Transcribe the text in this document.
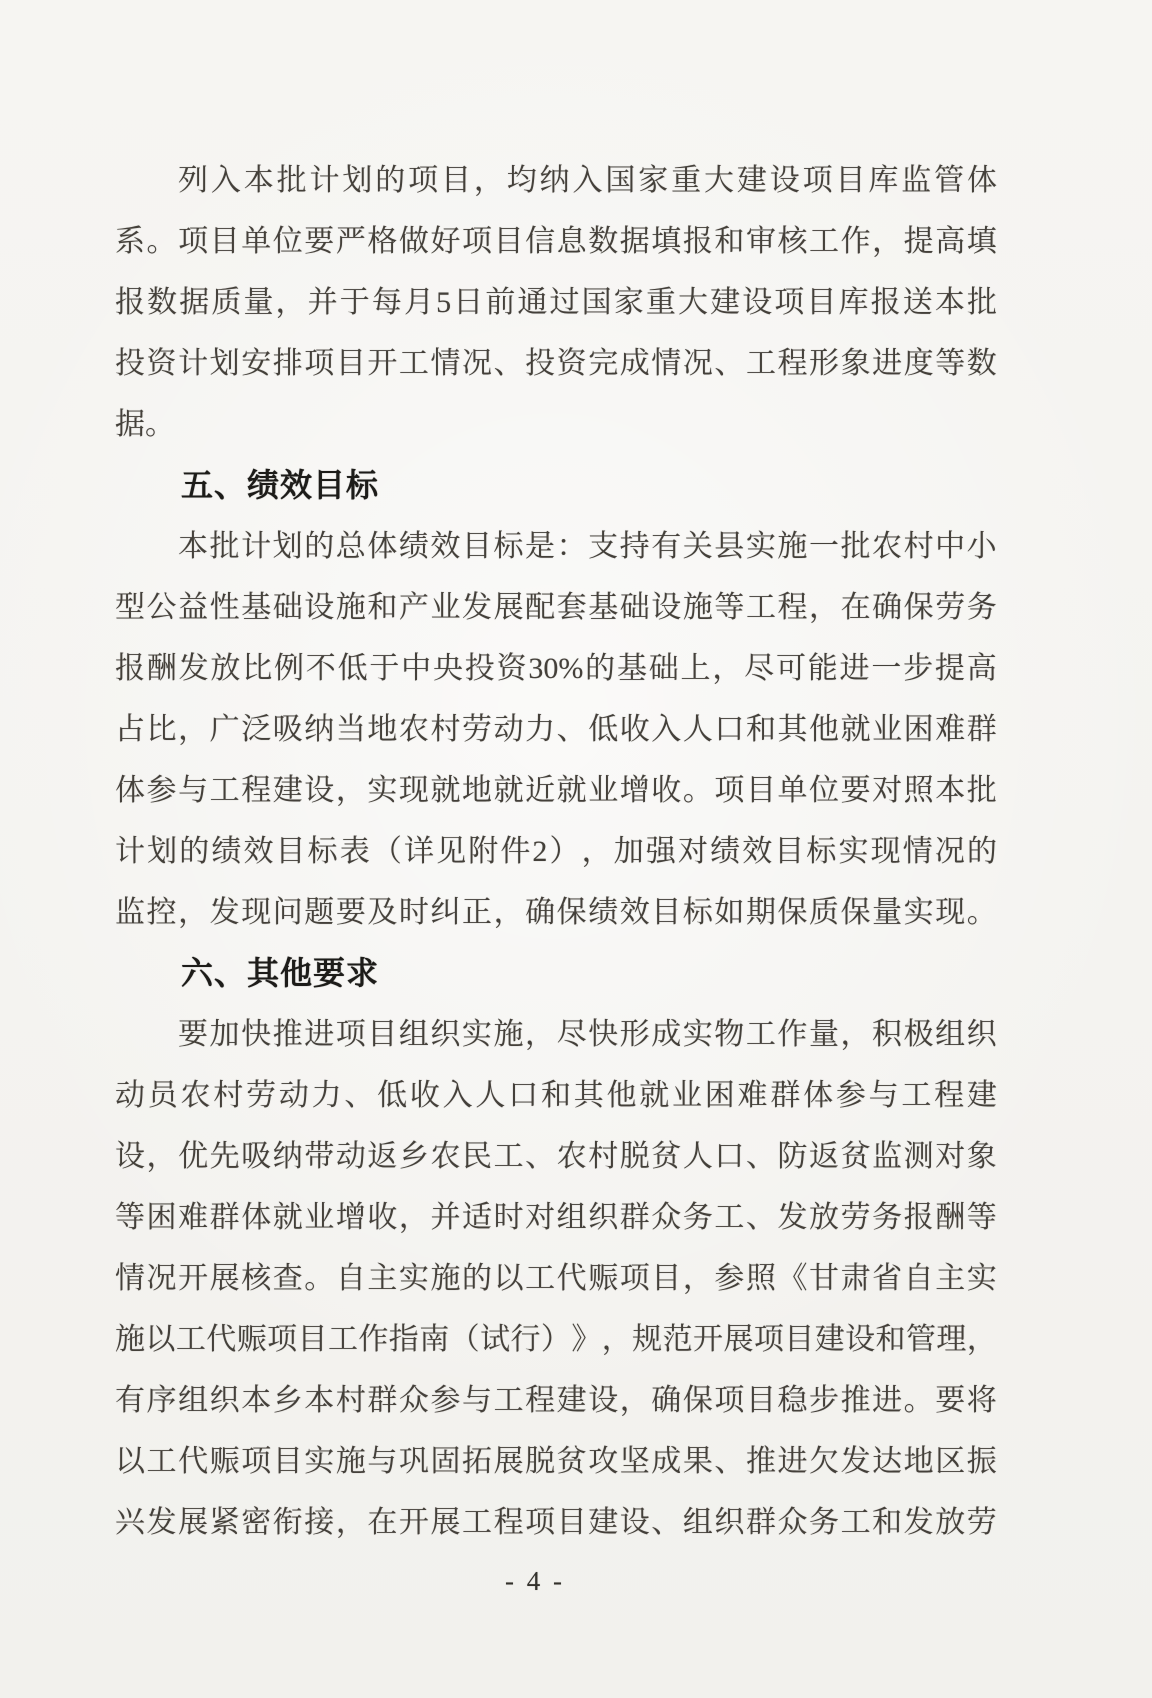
列 入 本 批 计 划 的 项 目 ， 均 纳 入 国 家 重 大 建 设 项 目 库 监 管 体
系 。 项 目 单 位 要 严 格 做 好 项 目 信 息 数 据 填 报 和 审 核 工 作 ， 提 高 填
报 数 据 质 量 ， 并 于 每 月 5 日 前 通 过 国 家 重 大 建 设 项 目 库 报 送 本 批
投 资 计 划 安 排 项 目 开 工 情 况 、 投 资 完 成 情 况 、 工 程 形 象 进 度 等 数
据。
五、绩效目标
本 批 计 划 的 总 体 绩 效 目 标 是 ： 支 持 有 关 县 实 施 一 批 农 村 中 小
型 公 益 性 基 础 设 施 和 产 业 发 展 配 套 基 础 设 施 等 工 程 ， 在 确 保 劳 务
报 酬 发 放 比 例 不 低 于 中 央 投 资 30% 的 基 础 上 ， 尽 可 能 进 一 步 提 高
占 比 ， 广 泛 吸 纳 当 地 农 村 劳 动 力 、 低 收 入 人 口 和 其 他 就 业 困 难 群
体 参 与 工 程 建 设 ， 实 现 就 地 就 近 就 业 增 收 。 项 目 单 位 要 对 照 本 批
计 划 的 绩 效 目 标 表 （ 详 见 附 件 2 ） ， 加 强 对 绩 效 目 标 实 现 情 况 的
监 控 ， 发 现 问 题 要 及 时 纠 正 ， 确 保 绩 效 目 标 如 期 保 质 保 量 实 现 。
六、其他要求
要 加 快 推 进 项 目 组 织 实 施 ， 尽 快 形 成 实 物 工 作 量 ， 积 极 组 织
动 员 农 村 劳 动 力 、 低 收 入 人 口 和 其 他 就 业 困 难 群 体 参 与 工 程 建
设 ， 优 先 吸 纳 带 动 返 乡 农 民 工 、 农 村 脱 贫 人 口 、 防 返 贫 监 测 对 象
等 困 难 群 体 就 业 增 收 ， 并 适 时 对 组 织 群 众 务 工 、 发 放 劳 务 报 酬 等
情 况 开 展 核 查 。 自 主 实 施 的 以 工 代 赈 项 目 ， 参 照 《 甘 肃 省 自 主 实
施 以 工 代 赈 项 目 工 作 指 南 （ 试 行 ） 》 ， 规 范 开 展 项 目 建 设 和 管 理 ，
有 序 组 织 本 乡 本 村 群 众 参 与 工 程 建 设 ， 确 保 项 目 稳 步 推 进 。 要 将
以 工 代 赈 项 目 实 施 与 巩 固 拓 展 脱 贫 攻 坚 成 果 、 推 进 欠 发 达 地 区 振
兴 发 展 紧 密 衔 接 ， 在 开 展 工 程 项 目 建 设 、 组 织 群 众 务 工 和 发 放 劳
- 4 -
